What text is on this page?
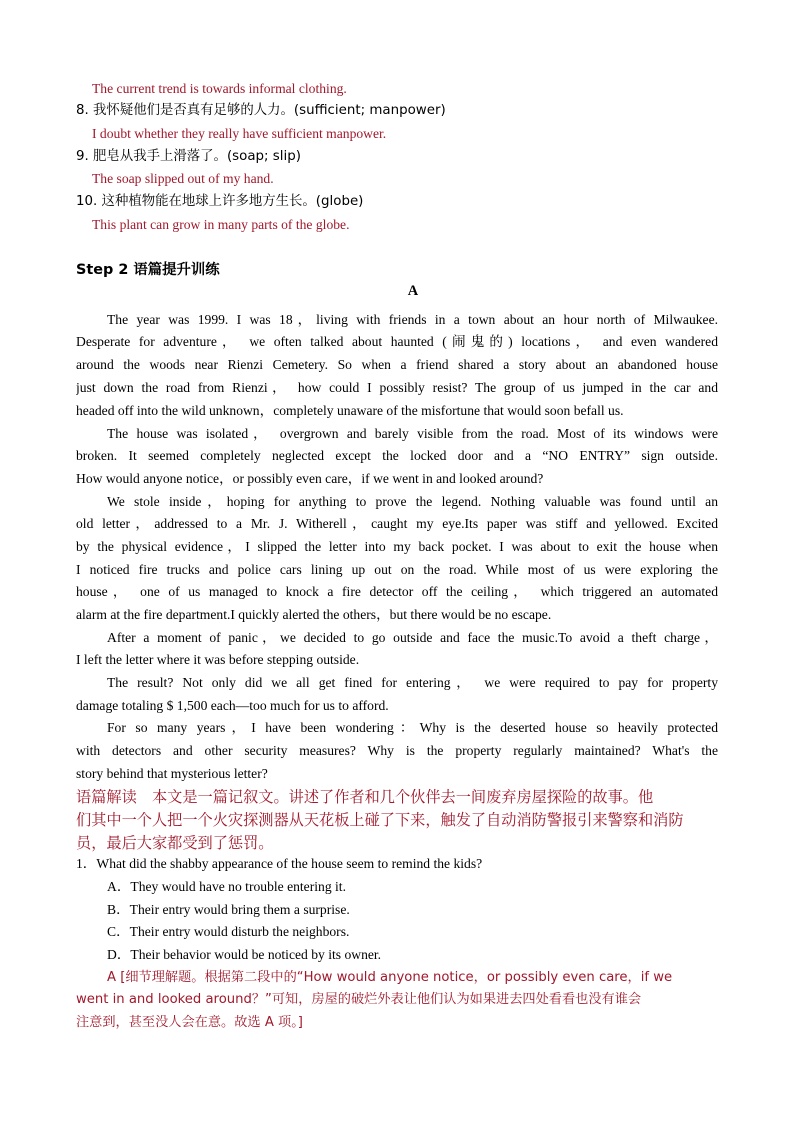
The current trend is towards informal clothing.
8. 我怀疑他们是否真有足够的人力。(sufficient; manpower)
I doubt whether they really have sufficient manpower.
9. 肥皂从我手上滑落了。(soap; slip)
The soap slipped out of my hand.
10. 这种植物能在地球上许多地方生长。(globe)
This plant can grow in many parts of the globe.
Step 2 语篇提升训练
A
The year was 1999. I was 18，living with friends in a town about an hour north of Milwaukee.
Desperate for adventure， we often talked about haunted (闹鬼的) locations， and even wandered
around the woods near Rienzi Cemetery. So when a friend shared a story about an abandoned house
just down the road from Rienzi， how could I possibly resist? The group of us jumped in the car and
headed off into the wild unknown，completely unaware of the misfortune that would soon befall us.
The house was isolated， overgrown and barely visible from the road. Most of its windows were
broken. It seemed completely neglected except the locked door and a “NO ENTRY” sign outside.
How would anyone notice，or possibly even care，if we went in and looked around?
We stole inside，hoping for anything to prove the legend. Nothing valuable was found until an
old letter，addressed to a Mr. J. Witherell，caught my eye.Its paper was stiff and yellowed. Excited
by the physical evidence，I slipped the letter into my back pocket. I was about to exit the house when
I noticed fire trucks and police cars lining up out on the road. While most of us were exploring the
house， one of us managed to knock a fire detector off the ceiling， which triggered an automated
alarm at the fire department.I quickly alerted the others，but there would be no escape.
After a moment of panic，we decided to go outside and face the music.To avoid a theft charge，
I left the letter where it was before stepping outside.
The result? Not only did we all get fined for entering， we were required to pay for property
damage totaling $ 1,500 each—too much for us to afford.
For so many years，I have been wondering：Why is the deserted house so heavily protected
with detectors and other security measures? Why is the property regularly maintained? What's the
story behind that mysterious letter?
语篇解读　本文是一篇记叙文。讲述了作者和几个伙伴去一间废弃房屋探险的故事。他
们其中一个人把一个火灾探测器从天花板上碰了下来，触发了自动消防警报引来警察和消防
员，最后大家都受到了惩罚。
1．What did the shabby appearance of the house seem to remind the kids?
A．They would have no trouble entering it.
B．Their entry would bring them a surprise.
C．Their entry would disturb the neighbors.
D．Their behavior would be noticed by its owner.
A [细节理解题。根据第二段中的“How would anyone notice，or possibly even care，if we
went in and looked around？”可知，房屋的破烂外表让他们认为如果进去四处看看也没有谁会
注意到，甚至没人会在意。故选 A 项。]
